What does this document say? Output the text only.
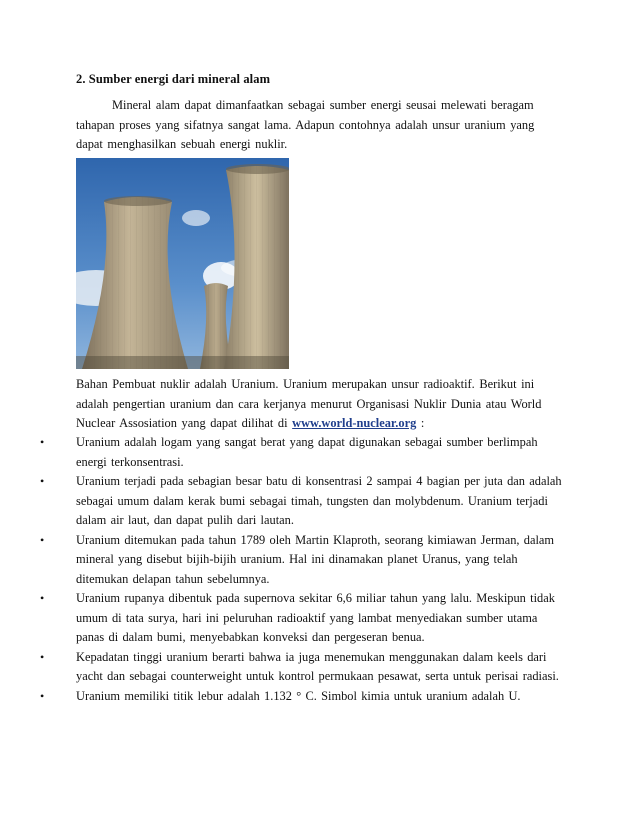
2. Sumber energi dari mineral alam

Mineral alam dapat dimanfaatkan sebagai sumber energi seusai melewati beragam tahapan proses yang sifatnya sangat lama. Adapun contohnya adalah unsur uranium yang dapat menghasilkan sebuah energi nuklir.

Bahan Pembuat nuklir adalah Uranium. Uranium merupakan unsur radioaktif. Berikut ini adalah pengertian uranium dan cara kerjanya menurut Organisasi Nuklir Dunia atau World Nuclear Assosiation yang dapat dilihat di www.world-nuclear.org :

•	Uranium adalah logam yang sangat berat yang dapat digunakan sebagai sumber berlimpah energi terkonsentrasi.
•	Uranium terjadi pada sebagian besar batu di konsentrasi 2 sampai 4 bagian per juta dan adalah sebagai umum dalam kerak bumi sebagai timah, tungsten dan molybdenum. Uranium terjadi dalam air laut, dan dapat pulih dari lautan.
•	Uranium ditemukan pada tahun 1789 oleh Martin Klaproth, seorang kimiawan Jerman, dalam mineral yang disebut bijih-bijih uranium. Hal ini dinamakan planet Uranus, yang telah ditemukan delapan tahun sebelumnya.
•	Uranium rupanya dibentuk pada supernova sekitar 6,6 miliar tahun yang lalu. Meskipun tidak umum di tata surya, hari ini peluruhan radioaktif yang lambat menyediakan sumber utama panas di dalam bumi, menyebabkan konveksi dan pergeseran benua.
•	Kepadatan tinggi uranium berarti bahwa ia juga menemukan menggunakan dalam keels dari yacht dan sebagai counterweight untuk kontrol permukaan pesawat, serta untuk perisai radiasi.
•	Uranium memiliki titik lebur adalah 1.132 ° C. Simbol kimia untuk uranium adalah U.
